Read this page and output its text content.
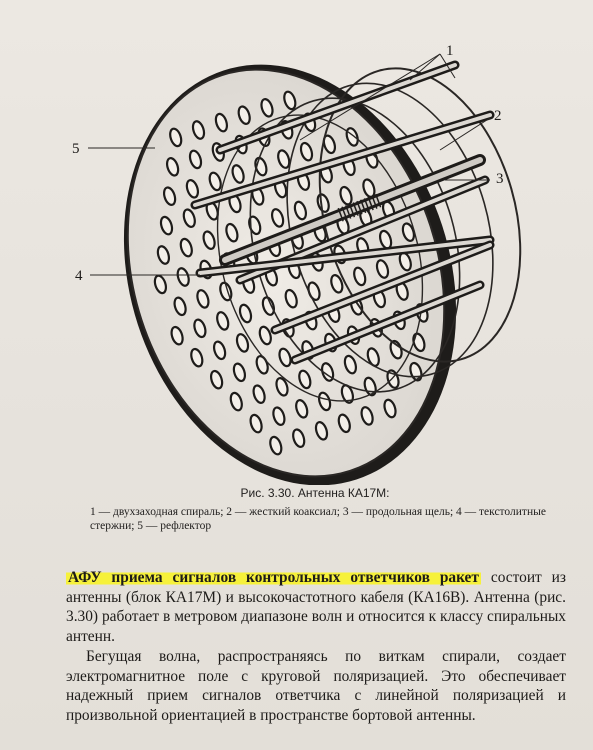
1
2
3
4
5
Рис. 3.30. Антенна КА17М:
1 — двухзаходная спираль; 2 — жесткий коаксиал; 3 — продольная щель; 4 — текстолитные стержни; 5 — рефлектор

АФУ приема сигналов контрольных ответчиков ракет состоит из антенны (блок КА17М) и высокочастотного кабеля (КА16В). Антенна (рис. 3.30) работает в метровом диапазоне волн и относится к классу спиральных антенн.

Бегущая волна, распространяясь по виткам спирали, создает электромагнитное поле с круговой поляризацией. Это обеспечивает надежный прием сигналов ответчика с линейной поляризацией и произвольной ориентацией в пространстве бортовой антенны.
